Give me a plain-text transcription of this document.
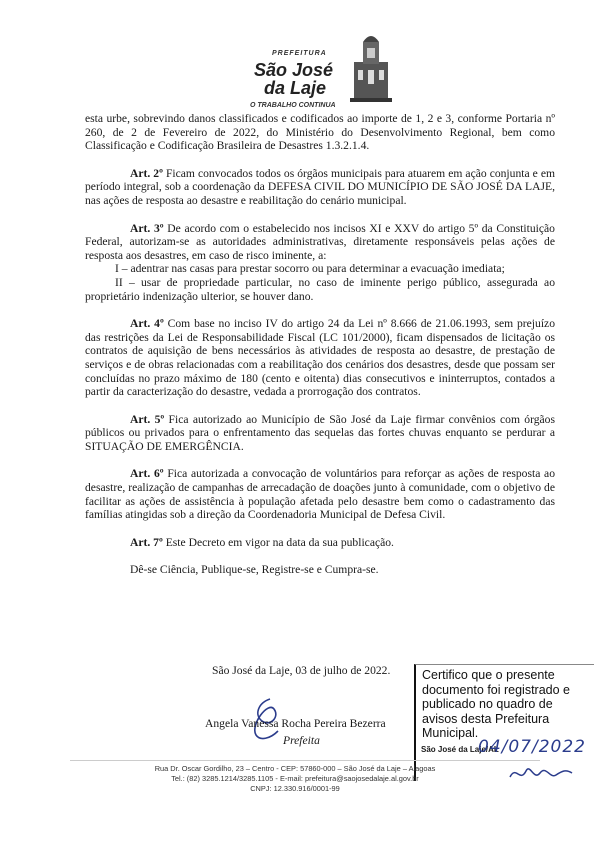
PREFEITURA
São José
da Laje
O TRABALHO CONTINUA

esta urbe, sobrevindo danos classificados e codificados ao importe de 1, 2 e 3, conforme Portaria nº 260, de 2 de Fevereiro de 2022, do Ministério do Desenvolvimento Regional, bem como Classificação e Codificação Brasileira de Desastres 1.3.2.1.4.

Art. 2º Ficam convocados todos os órgãos municipais para atuarem em ação conjunta e em período integral, sob a coordenação da DEFESA CIVIL DO MUNICÍPIO DE SÃO JOSÉ DA LAJE, nas ações de resposta ao desastre e reabilitação do cenário municipal.

Art. 3º De acordo com o estabelecido nos incisos XI e XXV do artigo 5º da Constituição Federal, autorizam-se as autoridades administrativas, diretamente responsáveis pelas ações de resposta aos desastres, em caso de risco iminente, a:

I – adentrar nas casas para prestar socorro ou para determinar a evacuação imediata;

II – usar de propriedade particular, no caso de iminente perigo público, assegurada ao proprietário indenização ulterior, se houver dano.

Art. 4º Com base no inciso IV do artigo 24 da Lei nº 8.666 de 21.06.1993, sem prejuízo das restrições da Lei de Responsabilidade Fiscal (LC 101/2000), ficam dispensados de licitação os contratos de aquisição de bens necessários às atividades de resposta ao desastre, de prestação de serviços e de obras relacionadas com a reabilitação dos cenários dos desastres, desde que possam ser concluídas no prazo máximo de 180 (cento e oitenta) dias consecutivos e ininterruptos, contados a partir da caracterização do desastre, vedada a prorrogação dos contratos.

Art. 5º Fica autorizado ao Município de São José da Laje firmar convênios com órgãos públicos ou privados para o enfrentamento das sequelas das fortes chuvas enquanto se perdurar a SITUAÇÃO DE EMERGÊNCIA.

Art. 6º Fica autorizada a convocação de voluntários para reforçar as ações de resposta ao desastre, realização de campanhas de arrecadação de doações junto à comunidade, com o objetivo de facilitar as ações de assistência à população afetada pelo desastre bem como o cadastramento das famílias atingidas sob a direção da Coordenadoria Municipal de Defesa Civil.

Art. 7º Este Decreto em vigor na data da sua publicação.

Dê-se Ciência, Publique-se, Registre-se e Cumpra-se.

São José da Laje, 03 de julho de 2022.
Angela Vanessa Rocha Pereira Bezerra
Prefeita
Certifico que o presente documento foi registrado e publicado no quadro de avisos desta Prefeitura Municipal.
São José da Laje/AL
04/07/2022
Rua Dr. Oscar Gordilho, 23 – Centro - CEP: 57860-000 – São José da Laje – Alagoas
Tel.: (82) 3285.1214/3285.1105 - E-mail: prefeitura@saojosedalaje.al.gov.br
CNPJ: 12.330.916/0001-99
